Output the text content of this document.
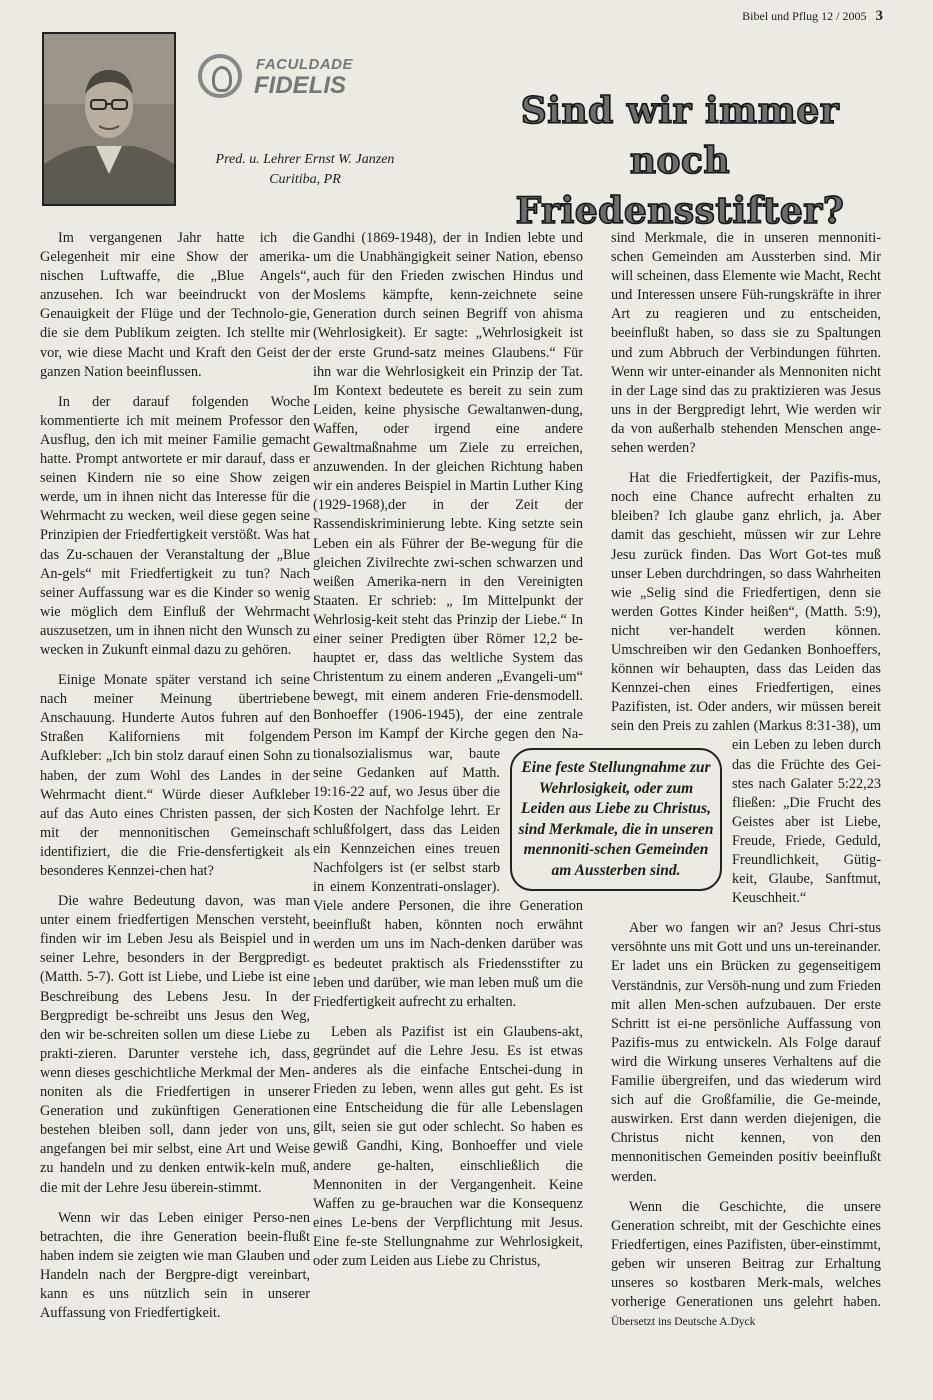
Bibel und Pflug 12 / 2005 3
FACULDADE
FIDELIS
Sind wir immer noch
Friedensstifter?
Pred. u. Lehrer Ernst W. Janzen
Curitiba, PR

Im vergangenen Jahr hatte ich die Gelegenheit mir eine Show der amerika-nischen Luftwaffe, die „Blue Angels“, anzusehen. Ich war beeindruckt von der Genauigkeit der Flüge und der Technolo-gie, die sie dem Publikum zeigten. Ich stellte mir vor, wie diese Macht und Kraft den Geist der ganzen Nation beeinflussen.

In der darauf folgenden Woche kommentierte ich mit meinem Professor den Ausflug, den ich mit meiner Familie gemacht hatte. Prompt antwortete er mir darauf, dass er seinen Kindern nie so eine Show zeigen werde, um in ihnen nicht das Interesse für die Wehrmacht zu wecken, weil diese gegen seine Prinzipien der Friedfertigkeit verstößt. Was hat das Zu-schauen der Veranstaltung der „Blue An-gels“ mit Friedfertigkeit zu tun? Nach seiner Auffassung war es die Kinder so wenig wie möglich dem Einfluß der Wehrmacht auszusetzen, um in ihnen nicht den Wunsch zu wecken in Zukunft einmal dazu zu gehören.

Einige Monate später verstand ich seine nach meiner Meinung übertriebene Anschauung. Hunderte Autos fuhren auf den Straßen Kaliforniens mit folgendem Aufkleber: „Ich bin stolz darauf einen Sohn zu haben, der zum Wohl des Landes in der Wehrmacht dient.“ Würde dieser Aufkleber auf das Auto eines Christen passen, der sich mit der mennonitischen Gemeinschaft identifiziert, die die Frie-densfertigkeit als besonderes Kennzei-chen hat?

Die wahre Bedeutung davon, was man unter einem friedfertigen Menschen versteht, finden wir im Leben Jesu als Beispiel und in seiner Lehre, besonders in der Bergpredigt. (Matth. 5-7). Gott ist Liebe, und Liebe ist eine Beschreibung des Lebens Jesu. In der Bergpredigt be-schreibt uns Jesus den Weg, den wir be-schreiten sollen um diese Liebe zu prakti-zieren. Darunter verstehe ich, dass, wenn dieses geschichtliche Merkmal der Men-noniten als die Friedfertigen in unserer Generation und zukünftigen Generationen bestehen bleiben soll, dann jeder von uns, angefangen bei mir selbst, eine Art und Weise zu handeln und zu denken entwik-keln muß, die mit der Lehre Jesu überein-stimmt.

Wenn wir das Leben einiger Perso-nen betrachten, die ihre Generation beein-flußt haben indem sie zeigten wie man Glauben und Handeln nach der Bergpre-digt vereinbart, kann es uns nützlich sein in unserer Auffassung von Friedfertigkeit.

Gandhi (1869-1948), der in Indien lebte und um die Unabhängigkeit seiner Nation, ebenso auch für den Frieden zwischen Hindus und Moslems kämpfte, kenn-zeichnete seine Generation durch seinen Begriff von ahisma (Wehrlosigkeit). Er sagte: „Wehrlosigkeit ist der erste Grund-satz meines Glaubens.“ Für ihn war die Wehrlosigkeit ein Prinzip der Tat. Im Kontext bedeutete es bereit zu sein zum Leiden, keine physische Gewaltanwen-dung, Waffen, oder irgend eine andere Gewaltmaßnahme um Ziele zu erreichen, anzuwenden. In der gleichen Richtung haben wir ein anderes Beispiel in Martin Luther King (1929-1968),der in der Zeit der Rassendiskriminierung lebte. King setzte sein Leben ein als Führer der Be-wegung für die gleichen Zivilrechte zwi-schen schwarzen und weißen Amerika-nern in den Vereinigten Staaten. Er schrieb: „ Im Mittelpunkt der Wehrlosig-keit steht das Prinzip der Liebe.“ In einer seiner Predigten über Römer 12,2 be-hauptet er, dass das weltliche System das Christentum zu einem anderen „Evangeli-um“ bewegt, mit einem anderen Frie-densmodell. Bonhoeffer (1906-1945), der eine zentrale Person im Kampf der Kirche gegen den Na-tionalsozialismus war, baute seine Gedanken auf Matth. 19:16-22 auf, wo Jesus über die Kosten der Nachfolge lehrt. Er schlußfolgert, dass das Leiden ein Kennzeichen eines treuen Nachfolgers ist (er selbst starb in einem Konzentrati-onslager). Viele andere Personen, die ihre Generation beeinflußt haben, könnten noch erwähnt werden um uns im Nach-denken darüber was es bedeutet praktisch als Friedensstifter zu leben und darüber, wie man leben muß um die Friedfertigkeit aufrecht zu erhalten.

Leben als Pazifist ist ein Glaubens-akt, gegründet auf die Lehre Jesu. Es ist etwas anderes als die einfache Entschei-dung in Frieden zu leben, wenn alles gut geht. Es ist eine Entscheidung die für alle Lebenslagen gilt, seien sie gut oder schlecht. So haben es gewiß Gandhi, King, Bonhoeffer und viele andere ge-halten, einschließlich die Mennoniten in der Vergangenheit. Keine Waffen zu ge-brauchen war die Konsequenz eines Le-bens der Verpflichtung mit Jesus. Eine fe-ste Stellungnahme zur Wehrlosigkeit, oder zum Leiden aus Liebe zu Christus,

sind Merkmale, die in unseren mennoniti-schen Gemeinden am Aussterben sind. Mir will scheinen, dass Elemente wie Macht, Recht und Interessen unsere Füh-rungskräfte in ihrer Art zu reagieren und zu entscheiden, beeinflußt haben, so dass sie zu Spaltungen und zum Abbruch der Verbindungen führten. Wenn wir unter-einander als Mennoniten nicht in der Lage sind das zu praktizieren was Jesus uns in der Bergpredigt lehrt, Wie werden wir da von außerhalb stehenden Menschen ange-sehen werden?

Hat die Friedfertigkeit, der Pazifis-mus, noch eine Chance aufrecht erhalten zu bleiben? Ich glaube ganz ehrlich, ja. Aber damit das geschieht, müssen wir zur Lehre Jesu zurück finden. Das Wort Got-tes muß unser Leben durchdringen, so dass Wahrheiten wie „Selig sind die Friedfertigen, denn sie werden Gottes Kinder heißen“, (Matth. 5:9), nicht ver-handelt werden können. Umschreiben wir den Gedanken Bonhoeffers, können wir behaupten, dass das Leiden das Kennzei-chen eines Friedfertigen, eines Pazifisten, ist. Oder anders, wir müssen bereit sein den Preis zu zahlen (Markus 8:31-38), um ein Leben zu leben durch das die Früchte des Gei-stes nach Galater 5:22,23 fließen: „Die Frucht des Geistes aber ist Liebe, Freude, Friede, Geduld, Freundlichkeit, Gütig-keit, Glaube, Sanftmut, Keuschheit.“

Aber wo fangen wir an? Jesus Chri-stus versöhnte uns mit Gott und uns un-tereinander. Er ladet uns ein Brücken zu gegenseitigem Verständnis, zur Versöh-nung und zum Frieden mit allen Men-schen aufzubauen. Der erste Schritt ist ei-ne persönliche Auffassung von Pazifis-mus zu entwickeln. Als Folge darauf wird die Wirkung unseres Verhaltens auf die Familie übergreifen, und das wiederum wird sich auf die Großfamilie, die Ge-meinde, auswirken. Erst dann werden diejenigen, die Christus nicht kennen, von den mennonitischen Gemeinden positiv beeinflußt werden.

Wenn die Geschichte, die unsere Generation schreibt, mit der Geschichte eines Friedfertigen, eines Pazifisten, über-einstimmt, geben wir unseren Beitrag zur Erhaltung unseres so kostbaren Merk-mals, welches vorherige Generationen uns gelehrt haben. Übersetzt ins Deutsche A.Dyck

Eine feste Stellungnahme zur Wehrlosigkeit, oder zum Leiden aus Liebe zu Christus, sind Merkmale, die in unseren mennoniti-schen Gemeinden am Aussterben sind.
